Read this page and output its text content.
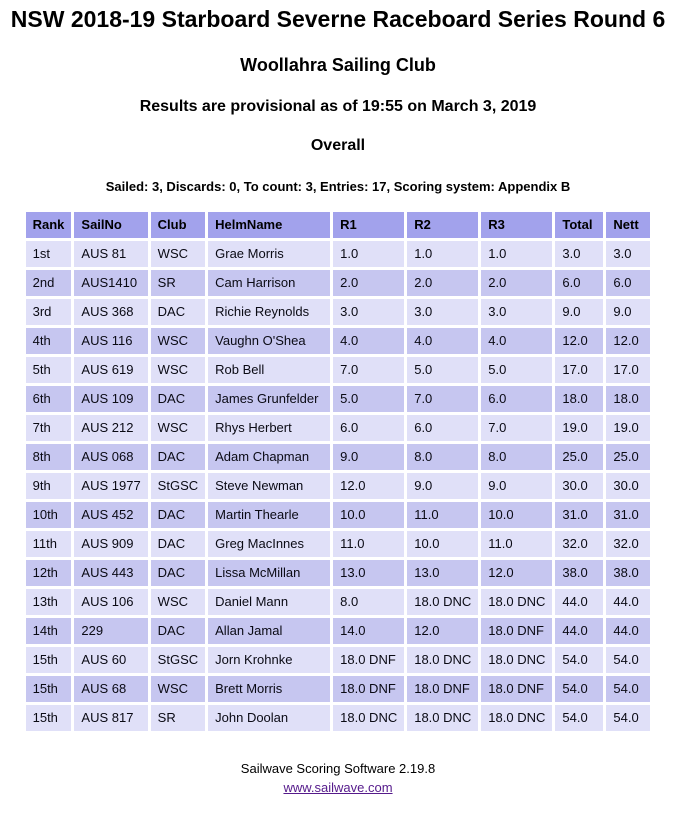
NSW 2018-19 Starboard Severne Raceboard Series Round 6
Woollahra Sailing Club
Results are provisional as of 19:55 on March 3, 2019
Overall

Sailed: 3, Discards: 0, To count: 3, Entries: 17, Scoring system: Appendix B

Rank	SailNo	Club	HelmName	R1	R2	R3	Total	Nett
1st	AUS 81	WSC	Grae Morris	1.0	1.0	1.0	3.0	3.0
2nd	AUS1410	SR	Cam Harrison	2.0	2.0	2.0	6.0	6.0
3rd	AUS 368	DAC	Richie Reynolds	3.0	3.0	3.0	9.0	9.0
4th	AUS 116	WSC	Vaughn O'Shea	4.0	4.0	4.0	12.0	12.0
5th	AUS 619	WSC	Rob Bell	7.0	5.0	5.0	17.0	17.0
6th	AUS 109	DAC	James Grunfelder	5.0	7.0	6.0	18.0	18.0
7th	AUS 212	WSC	Rhys Herbert	6.0	6.0	7.0	19.0	19.0
8th	AUS 068	DAC	Adam Chapman	9.0	8.0	8.0	25.0	25.0
9th	AUS 1977	StGSC	Steve Newman	12.0	9.0	9.0	30.0	30.0
10th	AUS 452	DAC	Martin Thearle	10.0	11.0	10.0	31.0	31.0
11th	AUS 909	DAC	Greg MacInnes	11.0	10.0	11.0	32.0	32.0
12th	AUS 443	DAC	Lissa McMillan	13.0	13.0	12.0	38.0	38.0
13th	AUS 106	WSC	Daniel Mann	8.0	18.0 DNC	18.0 DNC	44.0	44.0
14th	229	DAC	Allan Jamal	14.0	12.0	18.0 DNF	44.0	44.0
15th	AUS 60	StGSC	Jorn Krohnke	18.0 DNF	18.0 DNC	18.0 DNC	54.0	54.0
15th	AUS 68	WSC	Brett Morris	18.0 DNF	18.0 DNF	18.0 DNF	54.0	54.0
15th	AUS 817	SR	John Doolan	18.0 DNC	18.0 DNC	18.0 DNC	54.0	54.0
Sailwave Scoring Software 2.19.8
www.sailwave.com
